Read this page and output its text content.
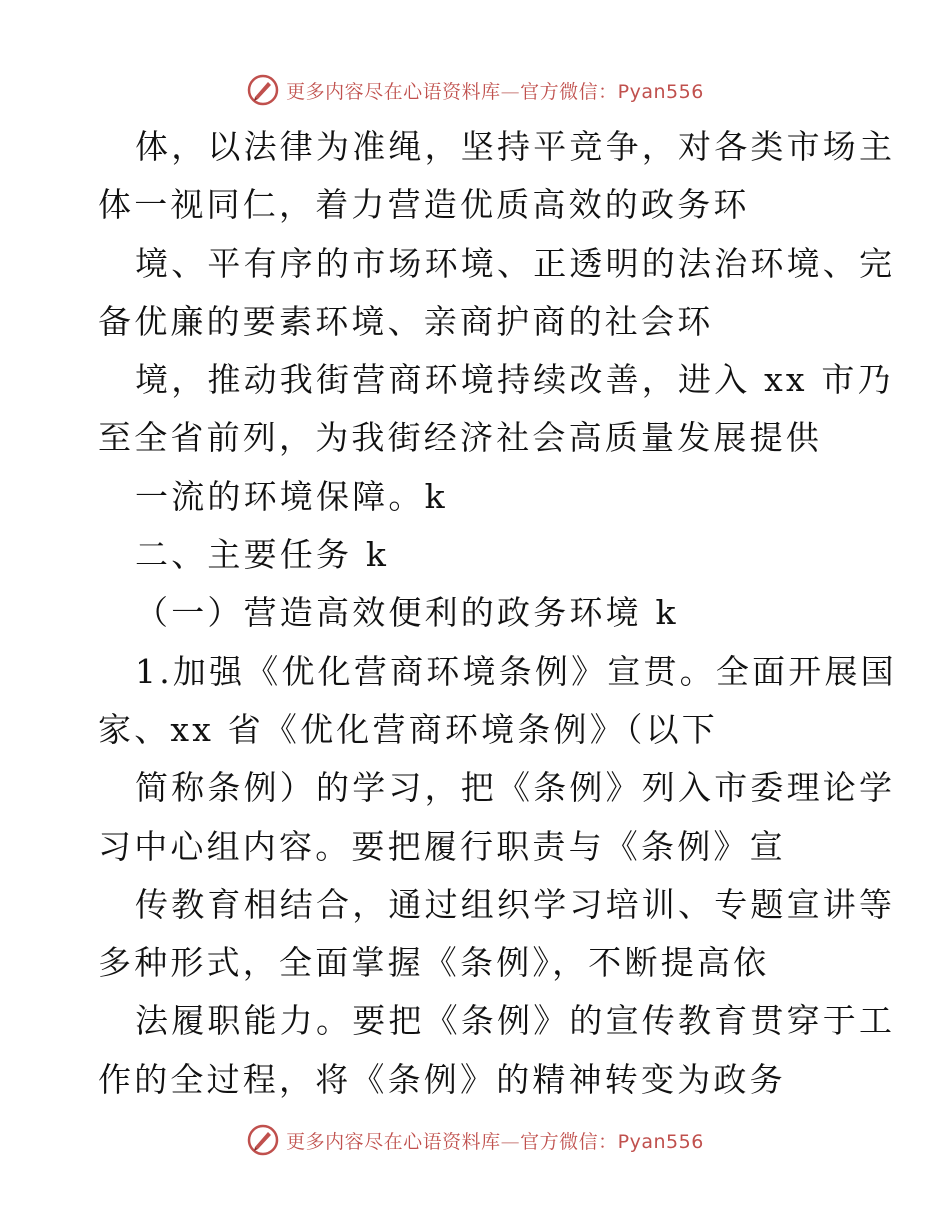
更多内容尽在心语资料库—官方微信：Pyan556
体，以法律为准绳，坚持平竞争，对各类市场主
体一视同仁，着力营造优质高效的政务环
境、平有序的市场环境、正透明的法治环境、完
备优廉的要素环境、亲商护商的社会环
境，推动我街营商环境持续改善，进入 xx 市乃
至全省前列，为我街经济社会高质量发展提供
一流的环境保障。k
二、主要任务 k
（一）营造高效便利的政务环境 k
1.加强《优化营商环境条例》宣贯。全面开展国
家、xx 省《优化营商环境条例》（以下
简称条例）的学习，把《条例》列入市委理论学
习中心组内容。要把履行职责与《条例》宣
传教育相结合，通过组织学习培训、专题宣讲等
多种形式，全面掌握《条例》，不断提高依
法履职能力。要把《条例》的宣传教育贯穿于工
作的全过程，将《条例》的精神转变为政务
更多内容尽在心语资料库—官方微信：Pyan556
